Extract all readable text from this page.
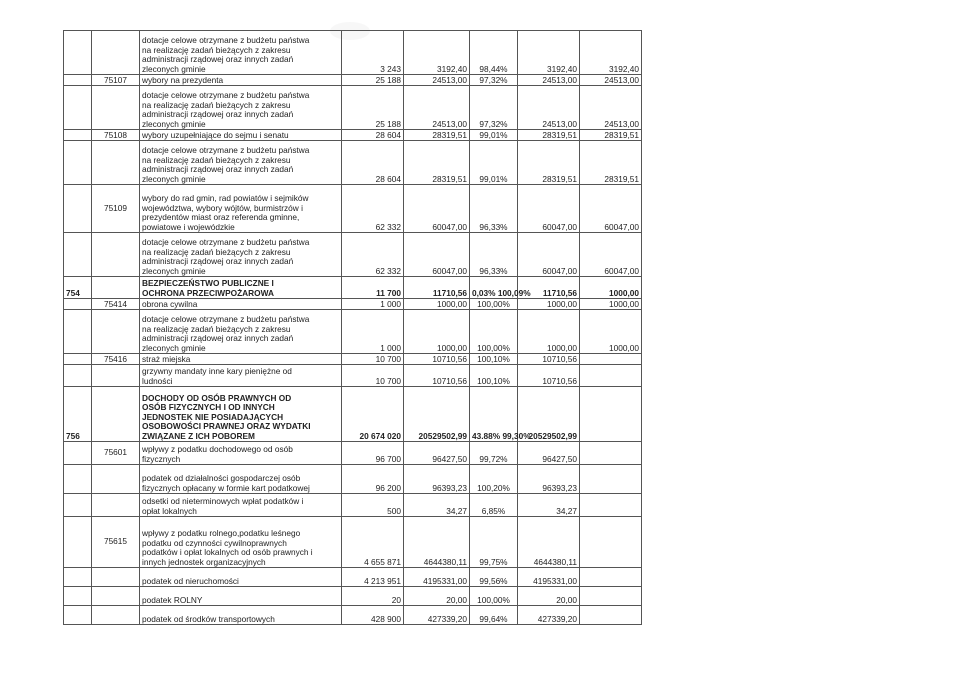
		dotacje celowe otrzymane z budżetu państwa
na realizację zadań bieżących z zakresu
administracji rządowej oraz innych zadań
zleconych gminie	3 243	3192,40	98,44%	3192,40	3192,40
	75107	wybory na prezydenta	25 188	24513,00	97,32%	24513,00	24513,00
		dotacje celowe otrzymane z budżetu państwa
na realizację zadań bieżących z zakresu
administracji rządowej oraz innych zadań
zleconych gminie	25 188	24513,00	97,32%	24513,00	24513,00
	75108	wybory uzupełniające do sejmu i senatu	28 604	28319,51	99,01%	28319,51	28319,51
		dotacje celowe otrzymane z budżetu państwa
na realizację zadań bieżących z zakresu
administracji rządowej oraz innych zadań
zleconych gminie	28 604	28319,51	99,01%	28319,51	28319,51
	75109	wybory do rad gmin, rad powiatów i sejmików
województwa, wybory wójtów, burmistrzów i
prezydentów miast oraz referenda gminne,
powiatowe i wojewódzkie	62 332	60047,00	96,33%	60047,00	60047,00
		dotacje celowe otrzymane z budżetu państwa
na realizację zadań bieżących z zakresu
administracji rządowej oraz innych zadań
zleconych gminie	62 332	60047,00	96,33%	60047,00	60047,00
754		BEZPIECZEŃSTWO PUBLICZNE I
OCHRONA PRZECIWPOŻAROWA	11 700	11710,56	0,03% 100,09%	11710,56	1000,00
	75414	obrona cywilna	1 000	1000,00	100,00%	1000,00	1000,00
		dotacje celowe otrzymane z budżetu państwa
na realizację zadań bieżących z zakresu
administracji rządowej oraz innych zadań
zleconych gminie	1 000	1000,00	100,00%	1000,00	1000,00
	75416	straż miejska	10 700	10710,56	100,10%	10710,56	
		grzywny mandaty inne kary pieniężne od
ludności	10 700	10710,56	100,10%	10710,56	
756		DOCHODY OD OSÓB PRAWNYCH OD
OSÓB FIZYCZNYCH I OD INNYCH
JEDNOSTEK NIE POSIADAJĄCYCH
OSOBOWOŚCI PRAWNEJ ORAZ WYDATKI
ZWIĄZANE Z ICH POBOREM	20 674 020	20529502,99	43.88% 99,30%	20529502,99	
	75601	wpływy z podatku dochodowego od osób
fizycznych	96 700	96427,50	99,72%	96427,50	
		podatek od działalności gospodarczej osób
fizycznych opłacany w formie kart podatkowej	96 200	96393,23	100,20%	96393,23	
		odsetki od nieterminowych wpłat podatków i
opłat lokalnych	500	34,27	6,85%	34,27	
	75615	wpływy z podatku rolnego,podatku leśnego
podatku od czynności cywilnoprawnych
podatków i opłat lokalnych od osób prawnych i
innych jednostek organizacyjnych	4 655 871	4644380,11	99,75%	4644380,11	
		podatek od nieruchomości	4 213 951	4195331,00	99,56%	4195331,00	
		podatek ROLNY	20	20,00	100,00%	20,00	
		podatek od środków transportowych	428 900	427339,20	99,64%	427339,20	
